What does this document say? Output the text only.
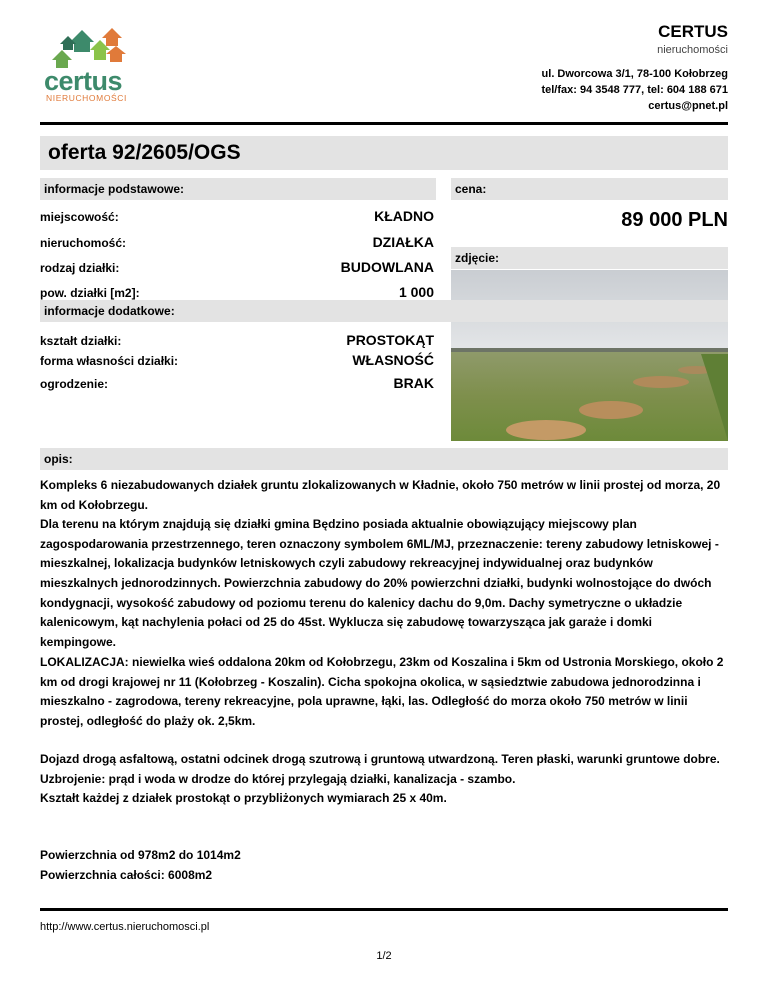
certus
NIERUCHOMOŚCI
CERTUS
nieruchomości
ul. Dworcowa 3/1, 78-100 Kołobrzeg
tel/fax: 94 3548 777, tel: 604 188 671
certus@pnet.pl
oferta 92/2605/OGS
informacje podstawowe:	cena:
miejscowość:	KŁADNO
nieruchomość:	DZIAŁKA
rodzaj działki:	BUDOWLANA
pow. działki [m2]:	1 000
89 000 PLN
zdjęcie:
informacje dodatkowe:
kształt działki:	PROSTOKĄT
forma własności działki:	WŁASNOŚĆ
ogrodzenie:	BRAK
opis:
Kompleks 6 niezabudowanych działek gruntu zlokalizowanych w Kładnie, około 750 metrów w linii prostej od morza, 20 km od Kołobrzegu.
Dla terenu na którym znajdują się działki gmina Będzino posiada aktualnie obowiązujący miejscowy plan zagospodarowania przestrzennego, teren oznaczony symbolem 6ML/MJ, przeznaczenie: tereny zabudowy letniskowej - mieszkalnej, lokalizacja budynków letniskowych czyli zabudowy rekreacyjnej indywidualnej oraz budynków mieszkalnych jednorodzinnych. Powierzchnia zabudowy do 20% powierzchni działki, budynki wolnostojące do dwóch kondygnacji, wysokość zabudowy od poziomu terenu do kalenicy dachu do 9,0m. Dachy symetryczne o układzie kalenicowym, kąt nachylenia połaci od 25 do 45st. Wyklucza się zabudowę towarzysząca jak garaże i domki kempingowe.
LOKALIZACJA: niewielka wieś oddalona 20km od Kołobrzegu, 23km od Koszalina i 5km od Ustronia Morskiego, około 2 km od drogi krajowej nr 11 (Kołobrzeg - Koszalin). Cicha spokojna okolica, w sąsiedztwie zabudowa jednorodzinna i mieszkalno - zagrodowa, tereny rekreacyjne, pola uprawne, łąki, las. Odległość do morza około 750 metrów w linii prostej, odległość do plaży ok. 2,5km.
Dojazd drogą asfaltową, ostatni odcinek drogą szutrową i gruntową utwardzoną. Teren płaski, warunki gruntowe dobre.
Uzbrojenie: prąd i woda w drodze do której przylegają działki, kanalizacja - szambo.
Kształt każdej z działek prostokąt o przybliżonych wymiarach 25 x 40m.
Powierzchnia od 978m2 do 1014m2
Powierzchnia całości: 6008m2
http://www.certus.nieruchomosci.pl
1/2
